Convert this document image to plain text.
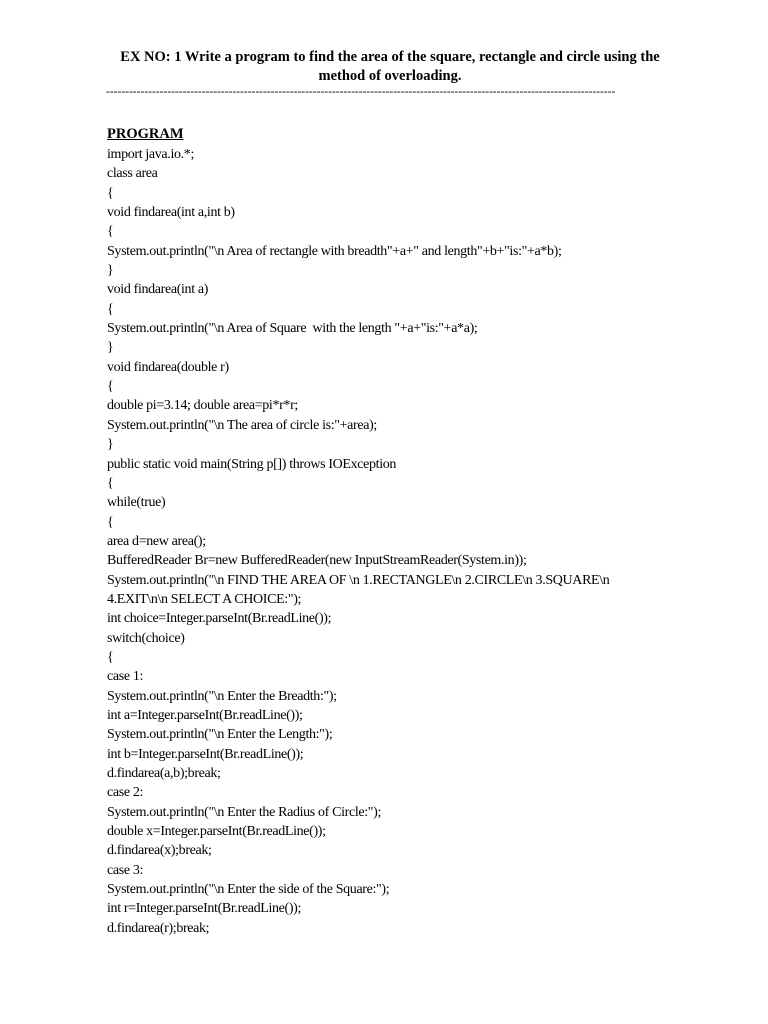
EX NO: 1 Write a program to find the area of the square, rectangle and circle using the
method of overloading.
-------------------------------------------------------------------------------------------------------------------------------------
PROGRAM
import java.io.*;
class area
{
void findarea(int a,int b)
{
System.out.println("\n Area of rectangle with breadth"+a+" and length"+b+"is:"+a*b);
}
void findarea(int a)
{
System.out.println("\n Area of Square  with the length "+a+"is:"+a*a);
}
void findarea(double r)
{
double pi=3.14; double area=pi*r*r;
System.out.println("\n The area of circle is:"+area);
}
public static void main(String p[]) throws IOException
{
while(true)
{
area d=new area();
BufferedReader Br=new BufferedReader(new InputStreamReader(System.in));
System.out.println("\n FIND THE AREA OF \n 1.RECTANGLE\n 2.CIRCLE\n 3.SQUARE\n
4.EXIT\n\n SELECT A CHOICE:");
int choice=Integer.parseInt(Br.readLine());
switch(choice)
{
case 1:
System.out.println("\n Enter the Breadth:");
int a=Integer.parseInt(Br.readLine());
System.out.println("\n Enter the Length:");
int b=Integer.parseInt(Br.readLine());
d.findarea(a,b);break;
case 2:
System.out.println("\n Enter the Radius of Circle:");
double x=Integer.parseInt(Br.readLine());
d.findarea(x);break;
case 3:
System.out.println("\n Enter the side of the Square:");
int r=Integer.parseInt(Br.readLine());
d.findarea(r);break;
